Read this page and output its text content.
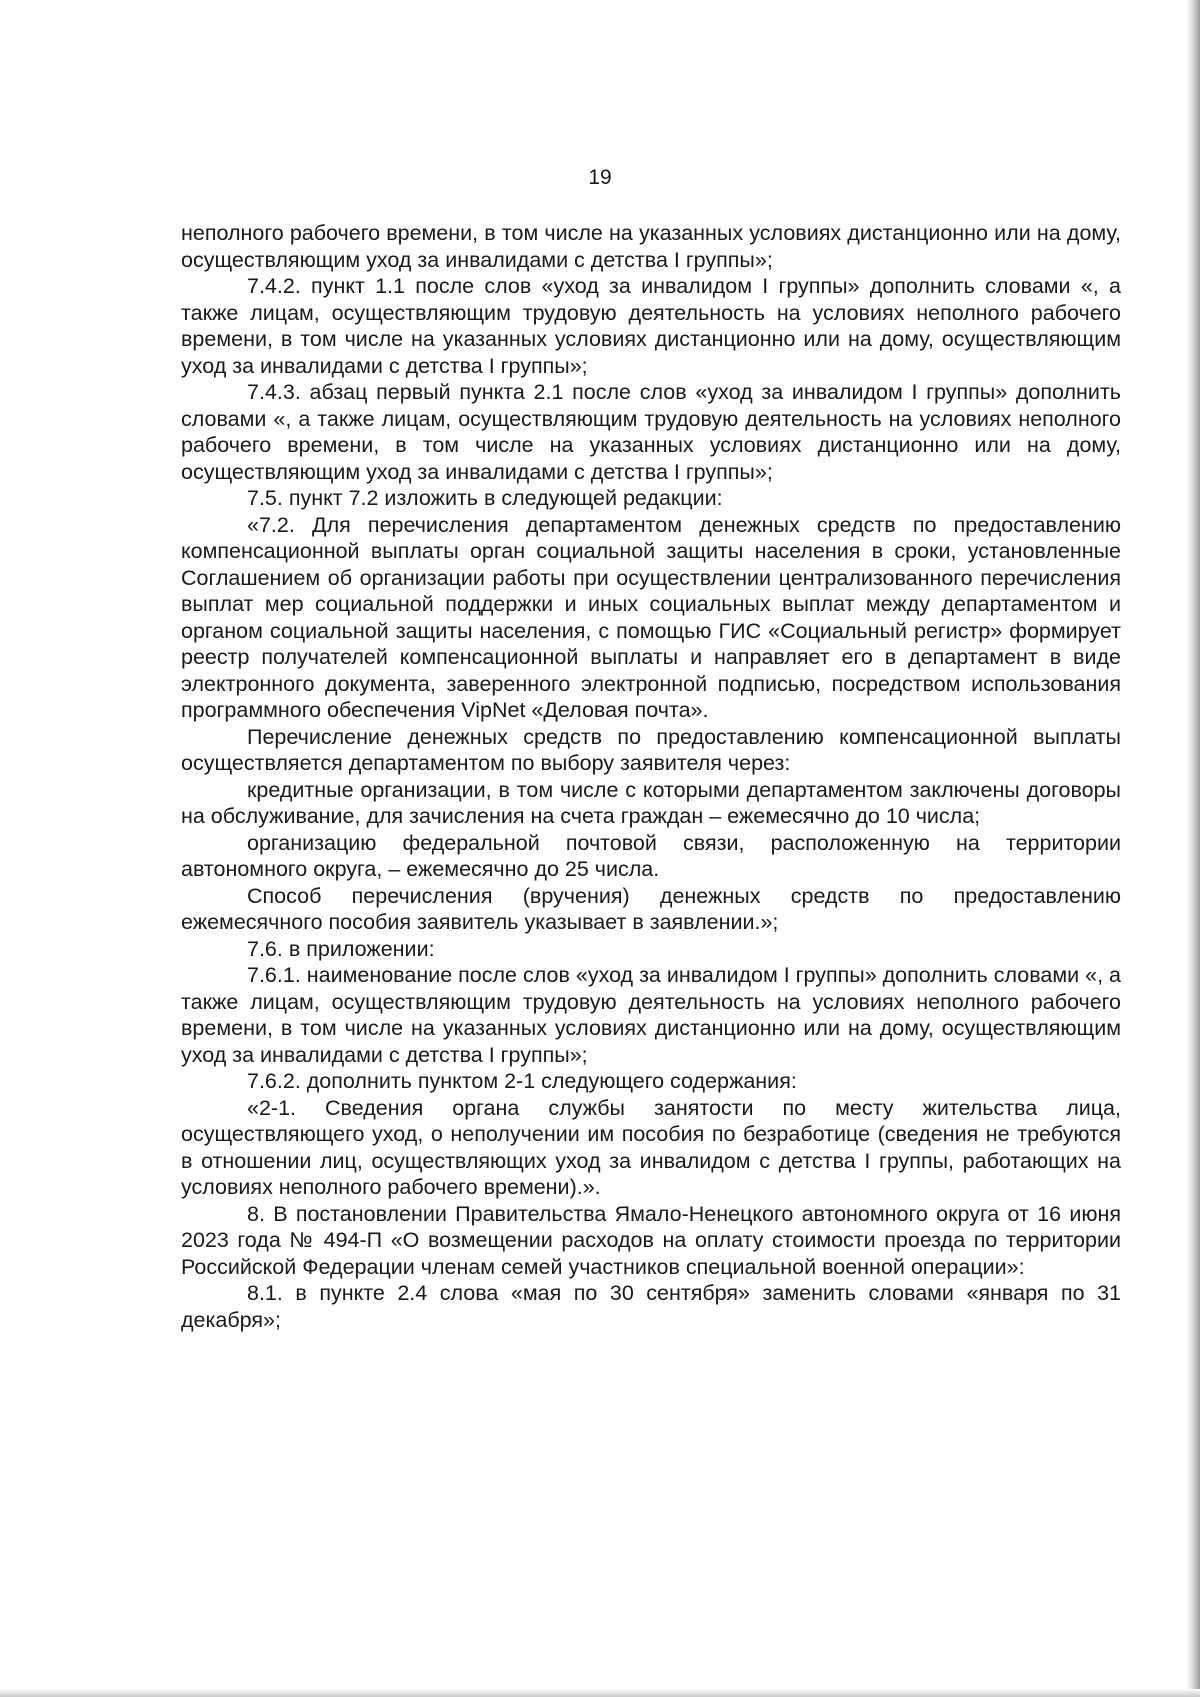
19

неполного рабочего времени, в том числе на указанных условиях дистанционно или на дому, осуществляющим уход за инвалидами с детства I группы»;

7.4.2. пункт 1.1 после слов «уход за инвалидом I группы» дополнить словами «, а также лицам, осуществляющим трудовую деятельность на условиях неполного рабочего времени, в том числе на указанных условиях дистанционно или на дому, осуществляющим уход за инвалидами с детства I группы»;

7.4.3. абзац первый пункта 2.1 после слов «уход за инвалидом I группы» дополнить словами «, а также лицам, осуществляющим трудовую деятельность на условиях неполного рабочего времени, в том числе на указанных условиях дистанционно или на дому, осуществляющим уход за инвалидами с детства I группы»;

7.5. пункт 7.2 изложить в следующей редакции:

«7.2. Для перечисления департаментом денежных средств по предоставлению компенсационной выплаты орган социальной защиты населения в сроки, установленные Соглашением об организации работы при осуществлении централизованного перечисления выплат мер социальной поддержки и иных социальных выплат между департаментом и органом социальной защиты населения, с помощью ГИС «Социальный регистр» формирует реестр получателей компенсационной выплаты и направляет его в департамент в виде электронного документа, заверенного электронной подписью, посредством использования программного обеспечения VipNet «Деловая почта».

Перечисление денежных средств по предоставлению компенсационной выплаты осуществляется департаментом по выбору заявителя через:

кредитные организации, в том числе с которыми департаментом заключены договоры на обслуживание, для зачисления на счета граждан – ежемесячно до 10 числа;

организацию федеральной почтовой связи, расположенную на территории автономного округа, – ежемесячно до 25 числа.

Способ перечисления (вручения) денежных средств по предоставлению ежемесячного пособия заявитель указывает в заявлении.»;

7.6. в приложении:

7.6.1. наименование после слов «уход за инвалидом I группы» дополнить словами «, а также лицам, осуществляющим трудовую деятельность на условиях неполного рабочего времени, в том числе на указанных условиях дистанционно или на дому, осуществляющим уход за инвалидами с детства I группы»;

7.6.2. дополнить пунктом 2-1 следующего содержания:

«2-1. Сведения органа службы занятости по месту жительства лица, осуществляющего уход, о неполучении им пособия по безработице (сведения не требуются в отношении лиц, осуществляющих уход за инвалидом с детства I группы, работающих на условиях неполного рабочего времени).».

8. В постановлении Правительства Ямало-Ненецкого автономного округа от 16 июня 2023 года № 494-П «О возмещении расходов на оплату стоимости проезда по территории Российской Федерации членам семей участников специальной военной операции»:

8.1. в пункте 2.4 слова «мая по 30 сентября» заменить словами «января по 31 декабря»;
